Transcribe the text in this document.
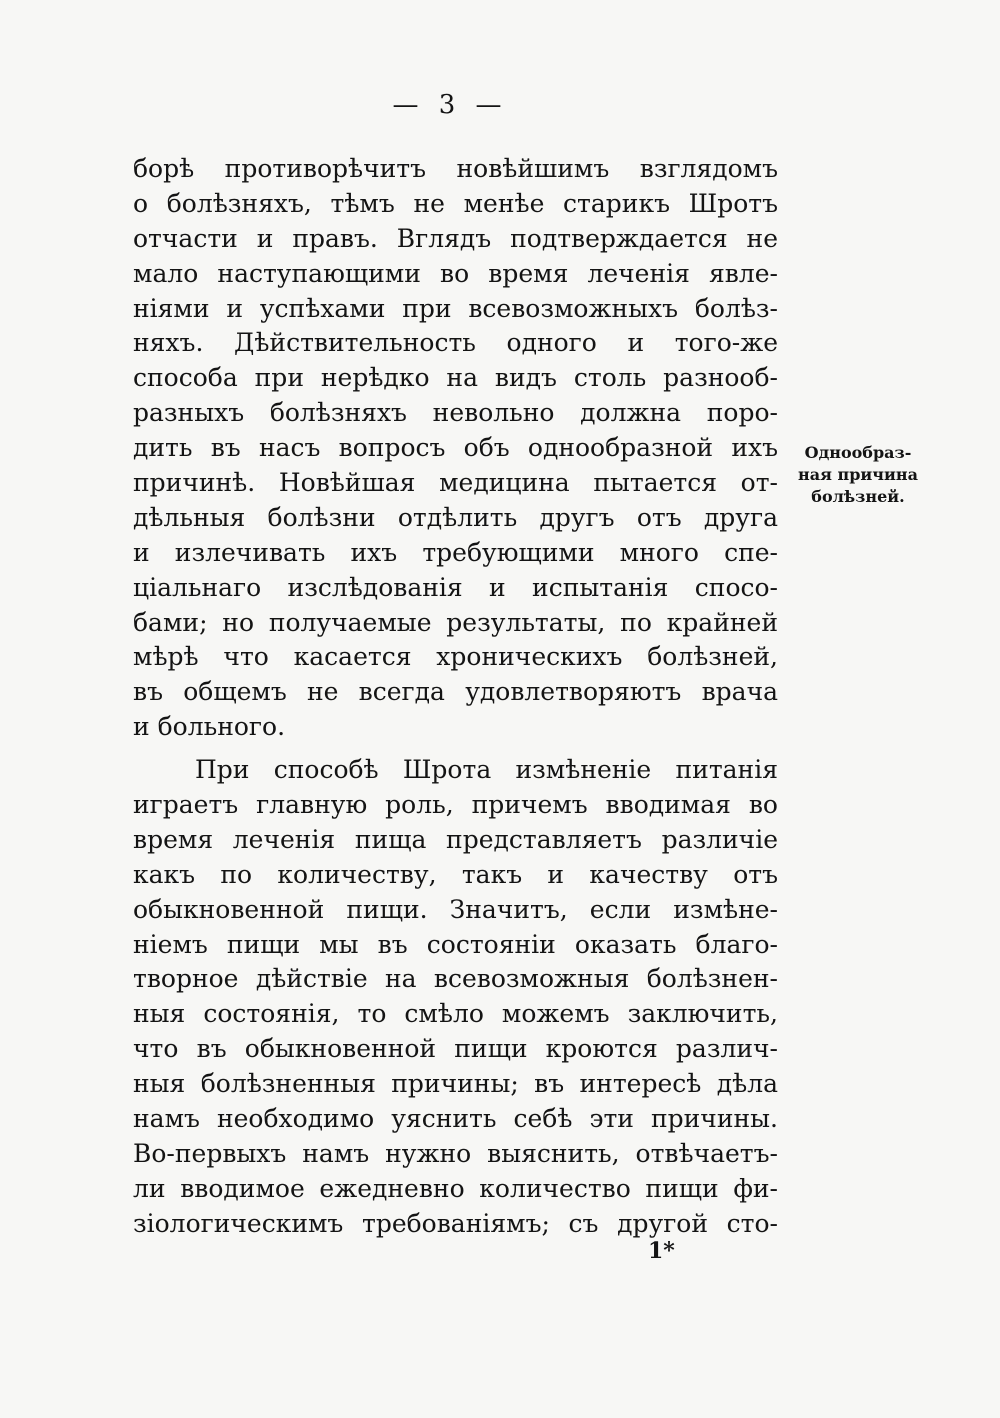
— 3 —
борѣ противорѣчитъ новѣйшимъ взглядомъ
о болѣзняхъ, тѣмъ не менѣе старикъ Шротъ
отчасти и правъ. Вглядъ подтверждается не
мало наступающими во время леченія явле-
ніями и успѣхами при всевозможныхъ болѣз-
няхъ. Дѣйствительность одного и того-же
способа при нерѣдко на видъ столь разнооб-
разныхъ болѣзняхъ невольно должна поро-
дить въ насъ вопросъ объ однообразной ихъ
причинѣ. Новѣйшая медицина пытается от-
дѣльныя болѣзни отдѣлить другъ отъ друга
и излечивать ихъ требующими много спе-
ціальнаго изслѣдованія и испытанія спосо-
бами; но получаемые результаты, по крайней
мѣрѣ что касается хроническихъ болѣзней,
въ общемъ не всегда удовлетворяютъ врача
и больного.
При способѣ Шрота измѣненіе питанія
играетъ главную роль, причемъ вводимая во
время леченія пища представляетъ различіе
какъ по количеству, такъ и качеству отъ
обыкновенной пищи. Значитъ, если измѣне-
ніемъ пищи мы въ состояніи оказать благо-
творное дѣйствіе на всевозможныя болѣзнен-
ныя состоянія, то смѣло можемъ заключить,
что въ обыкновенной пищи кроются различ-
ныя болѣзненныя причины; въ интересѣ дѣла
намъ необходимо уяснить себѣ эти причины.
Во-первыхъ намъ нужно выяснить, отвѣчаетъ-
ли вводимое ежедневно количество пищи фи-
зіологическимъ требованіямъ; съ другой сто-
Однообраз-
ная причина
болѣзней.
1*
